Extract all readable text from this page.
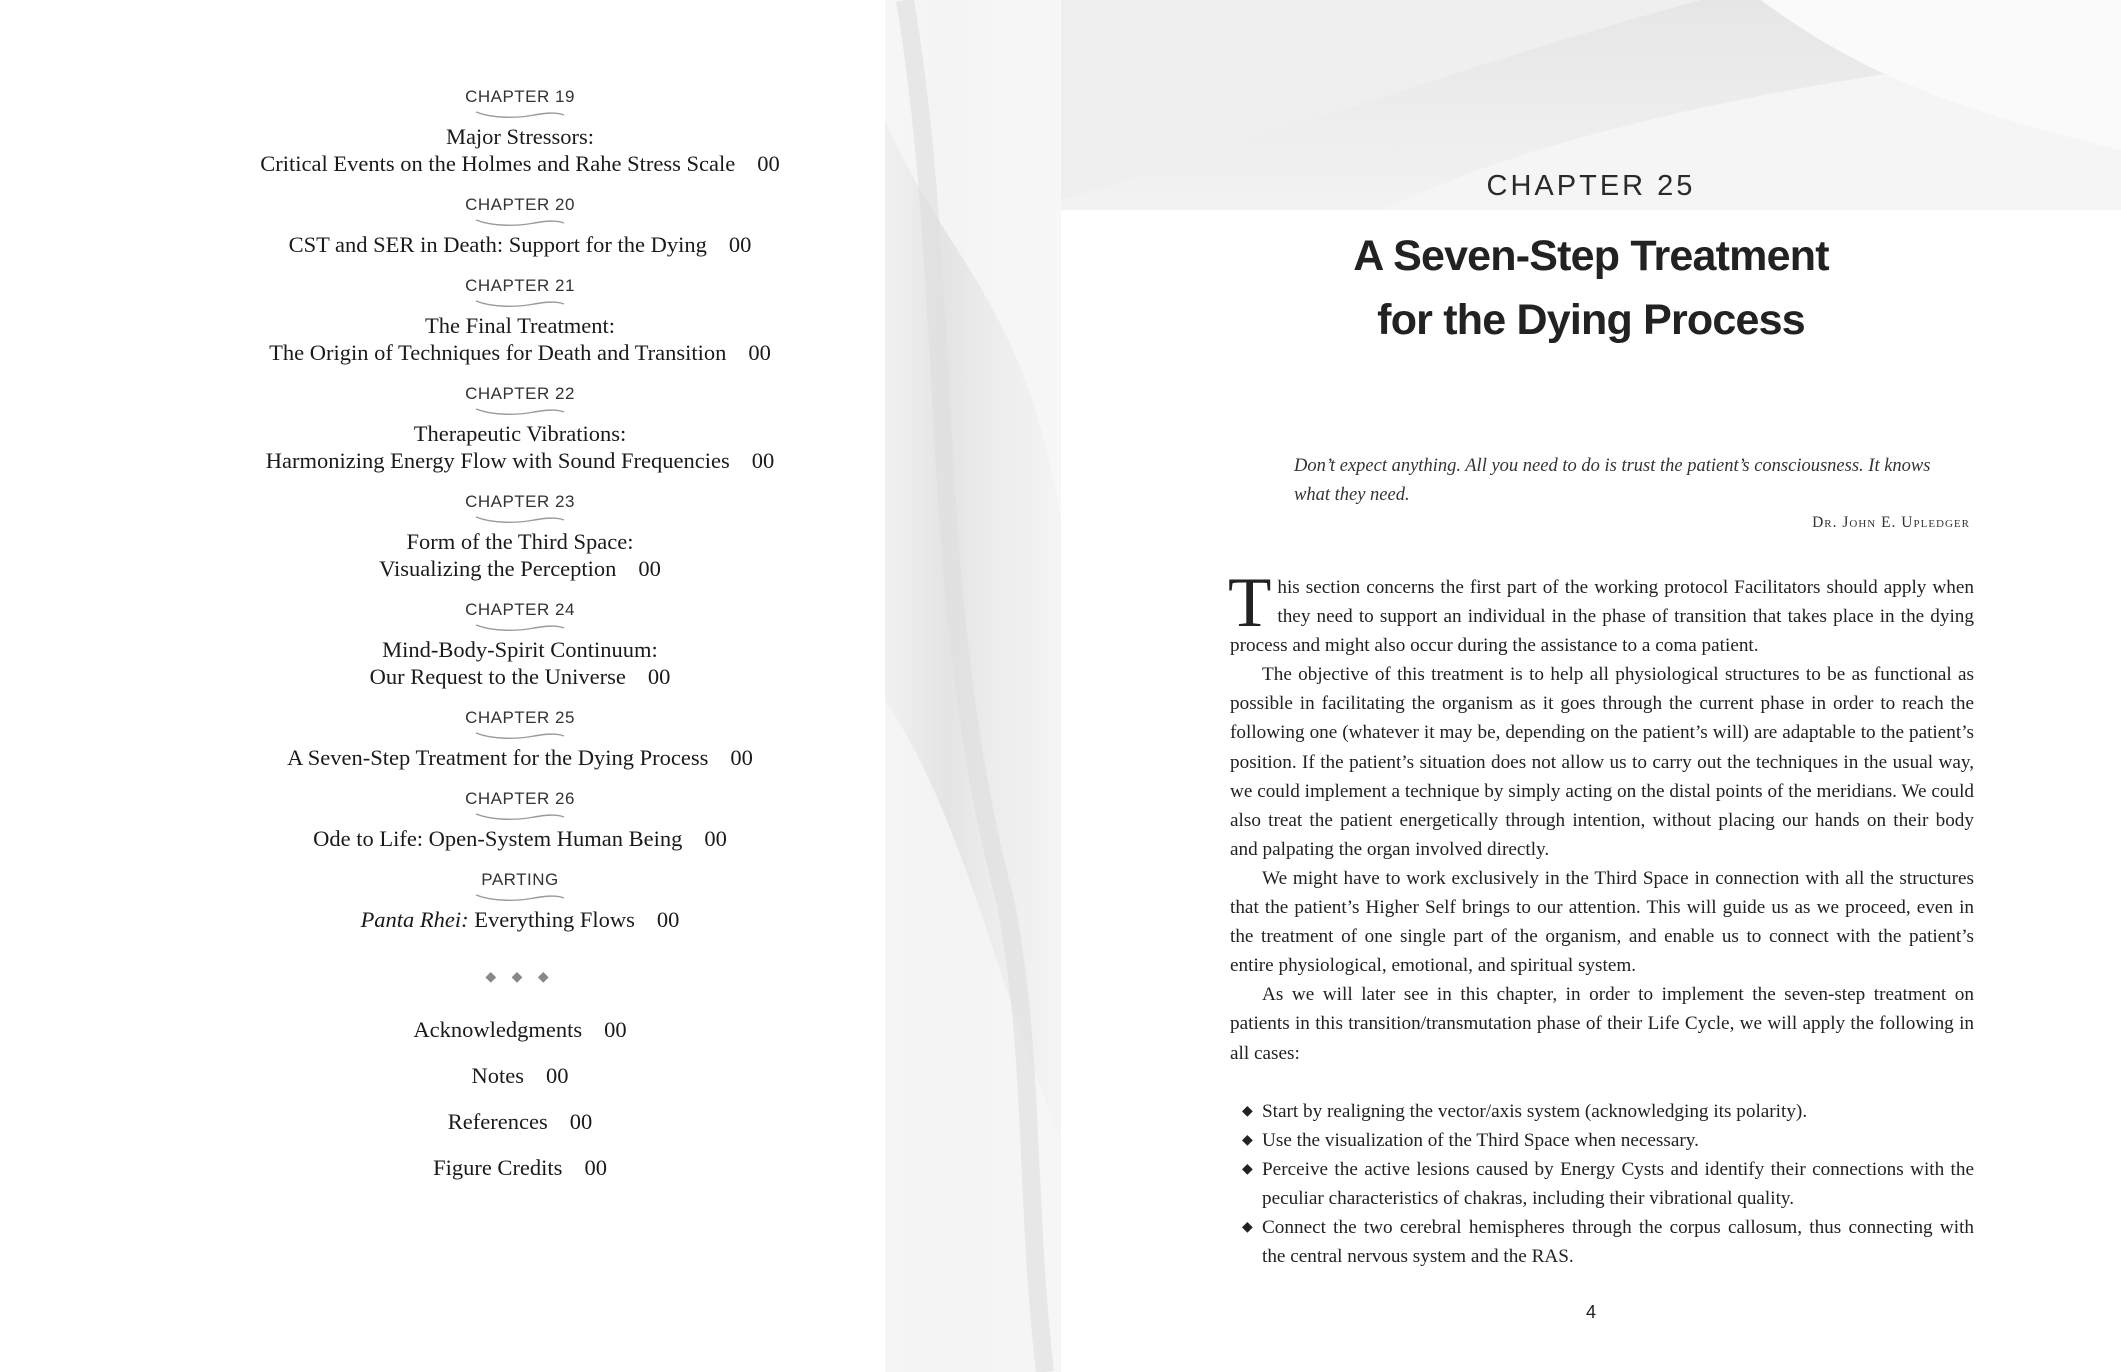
CHAPTER 19
Major Stressors:
Critical Events on the Holmes and Rahe Stress Scale 00
CHAPTER 20
CST and SER in Death: Support for the Dying 00
CHAPTER 21
The Final Treatment:
The Origin of Techniques for Death and Transition 00
CHAPTER 22
Therapeutic Vibrations:
Harmonizing Energy Flow with Sound Frequencies 00
CHAPTER 23
Form of the Third Space:
Visualizing the Perception 00
CHAPTER 24
Mind-Body-Spirit Continuum:
Our Request to the Universe 00
CHAPTER 25
A Seven-Step Treatment for the Dying Process 00
CHAPTER 26
Ode to Life: Open-System Human Being 00
PARTING
Panta Rhei: Everything Flows 00
◆ ◆ ◆
Acknowledgments 00
Notes 00
References 00
Figure Credits 00
CHAPTER 25
A Seven-Step Treatment
for the Dying Process
Don’t expect anything. All you need to do is trust the patient’s consciousness. It knows what they need.
Dr. John E. Upledger

This section concerns the first part of the working protocol Facilitators should apply when they need to support an individual in the phase of transition that takes place in the dying process and might also occur during the assistance to a coma patient.

The objective of this treatment is to help all physiological structures to be as functional as possible in facilitating the organism as it goes through the current phase in order to reach the following one (whatever it may be, depending on the patient’s will) are adaptable to the patient’s position. If the patient’s situation does not allow us to carry out the techniques in the usual way, we could implement a technique by simply acting on the distal points of the meridians. We could also treat the patient energetically through intention, without placing our hands on their body and palpating the organ involved directly.

We might have to work exclusively in the Third Space in connection with all the structures that the patient’s Higher Self brings to our attention. This will guide us as we proceed, even in the treatment of one single part of the organism, and enable us to connect with the patient’s entire physiological, emotional, and spiritual system.

As we will later see in this chapter, in order to implement the seven-step treatment on patients in this transition/transmutation phase of their Life Cycle, we will apply the following in all cases:

◆ Start by realigning the vector/axis system (acknowledging its polarity).
◆ Use the visualization of the Third Space when necessary.
◆ Perceive the active lesions caused by Energy Cysts and identify their connections with the peculiar characteristics of chakras, including their vibrational quality.
◆ Connect the two cerebral hemispheres through the corpus callosum, thus connecting with the central nervous system and the RAS.
4
